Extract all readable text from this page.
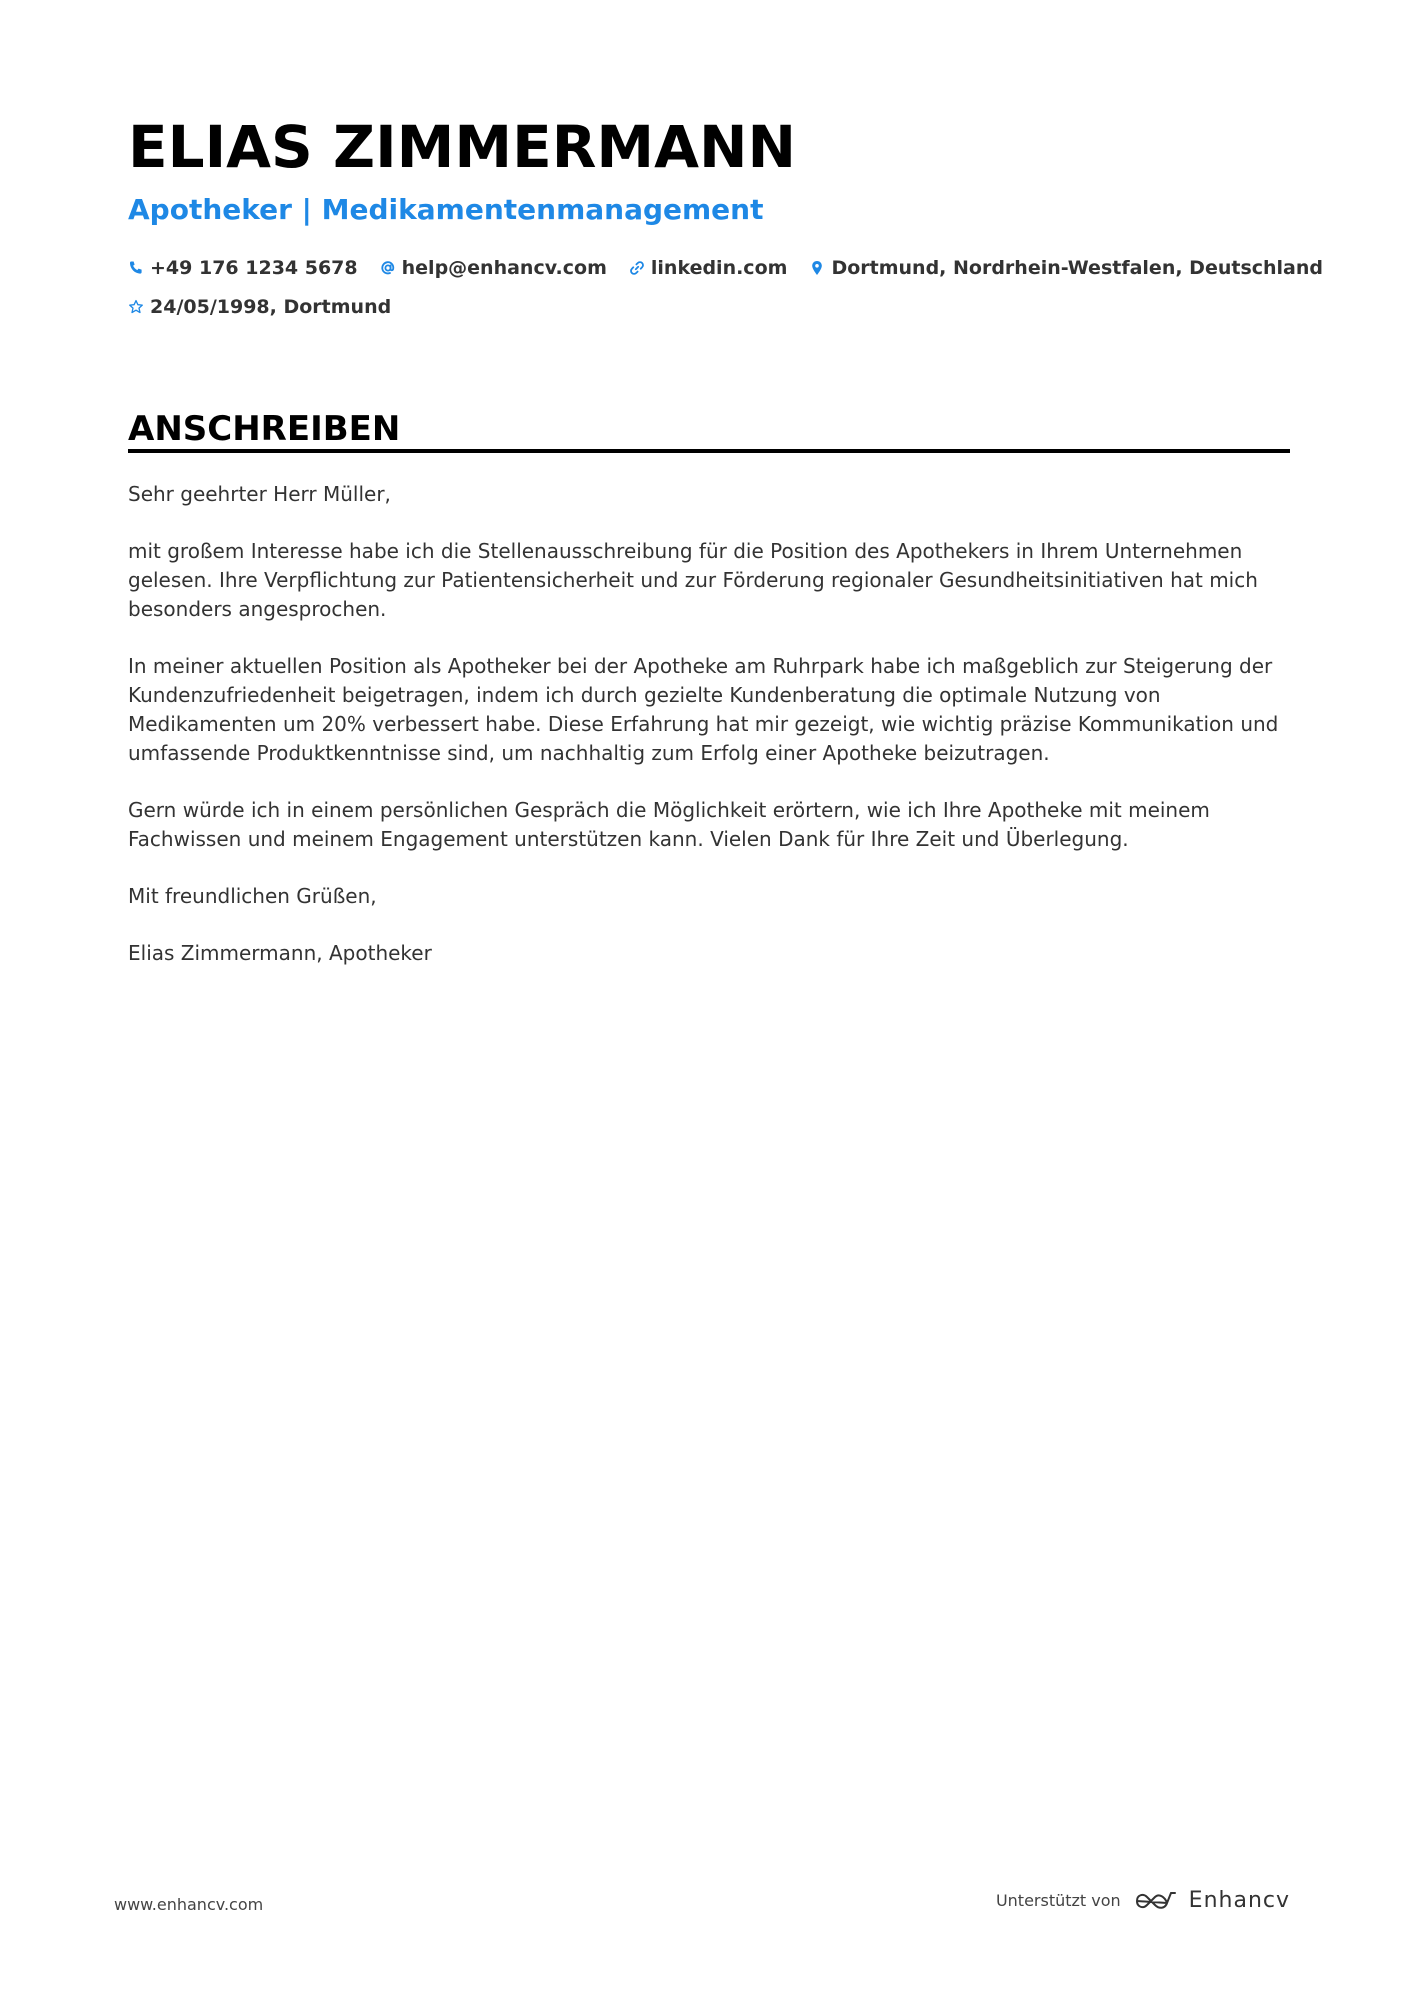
ELIAS ZIMMERMANN
Apotheker | Medikamentenmanagement
+49 176 1234 5678 help@enhancv.com linkedin.com Dortmund, Nordrhein-Westfalen, Deutschland
24/05/1998, Dortmund
ANSCHREIBEN

Sehr geehrter Herr Müller,

mit großem Interesse habe ich die Stellenausschreibung für die Position des Apothekers in Ihrem Unternehmen gelesen. Ihre Verpflichtung zur Patientensicherheit und zur Förderung regionaler Gesundheitsinitiativen hat mich besonders angesprochen.

In meiner aktuellen Position als Apotheker bei der Apotheke am Ruhrpark habe ich maßgeblich zur Steigerung der Kundenzufriedenheit beigetragen, indem ich durch gezielte Kundenberatung die optimale Nutzung von Medikamenten um 20% verbessert habe. Diese Erfahrung hat mir gezeigt, wie wichtig präzise Kommunikation und umfassende Produktkenntnisse sind, um nachhaltig zum Erfolg einer Apotheke beizutragen.

Gern würde ich in einem persönlichen Gespräch die Möglichkeit erörtern, wie ich Ihre Apotheke mit meinem Fachwissen und meinem Engagement unterstützen kann. Vielen Dank für Ihre Zeit und Überlegung.

Mit freundlichen Grüßen,

Elias Zimmermann, Apotheker

www.enhancv.com	Unterstützt von	Enhancv
